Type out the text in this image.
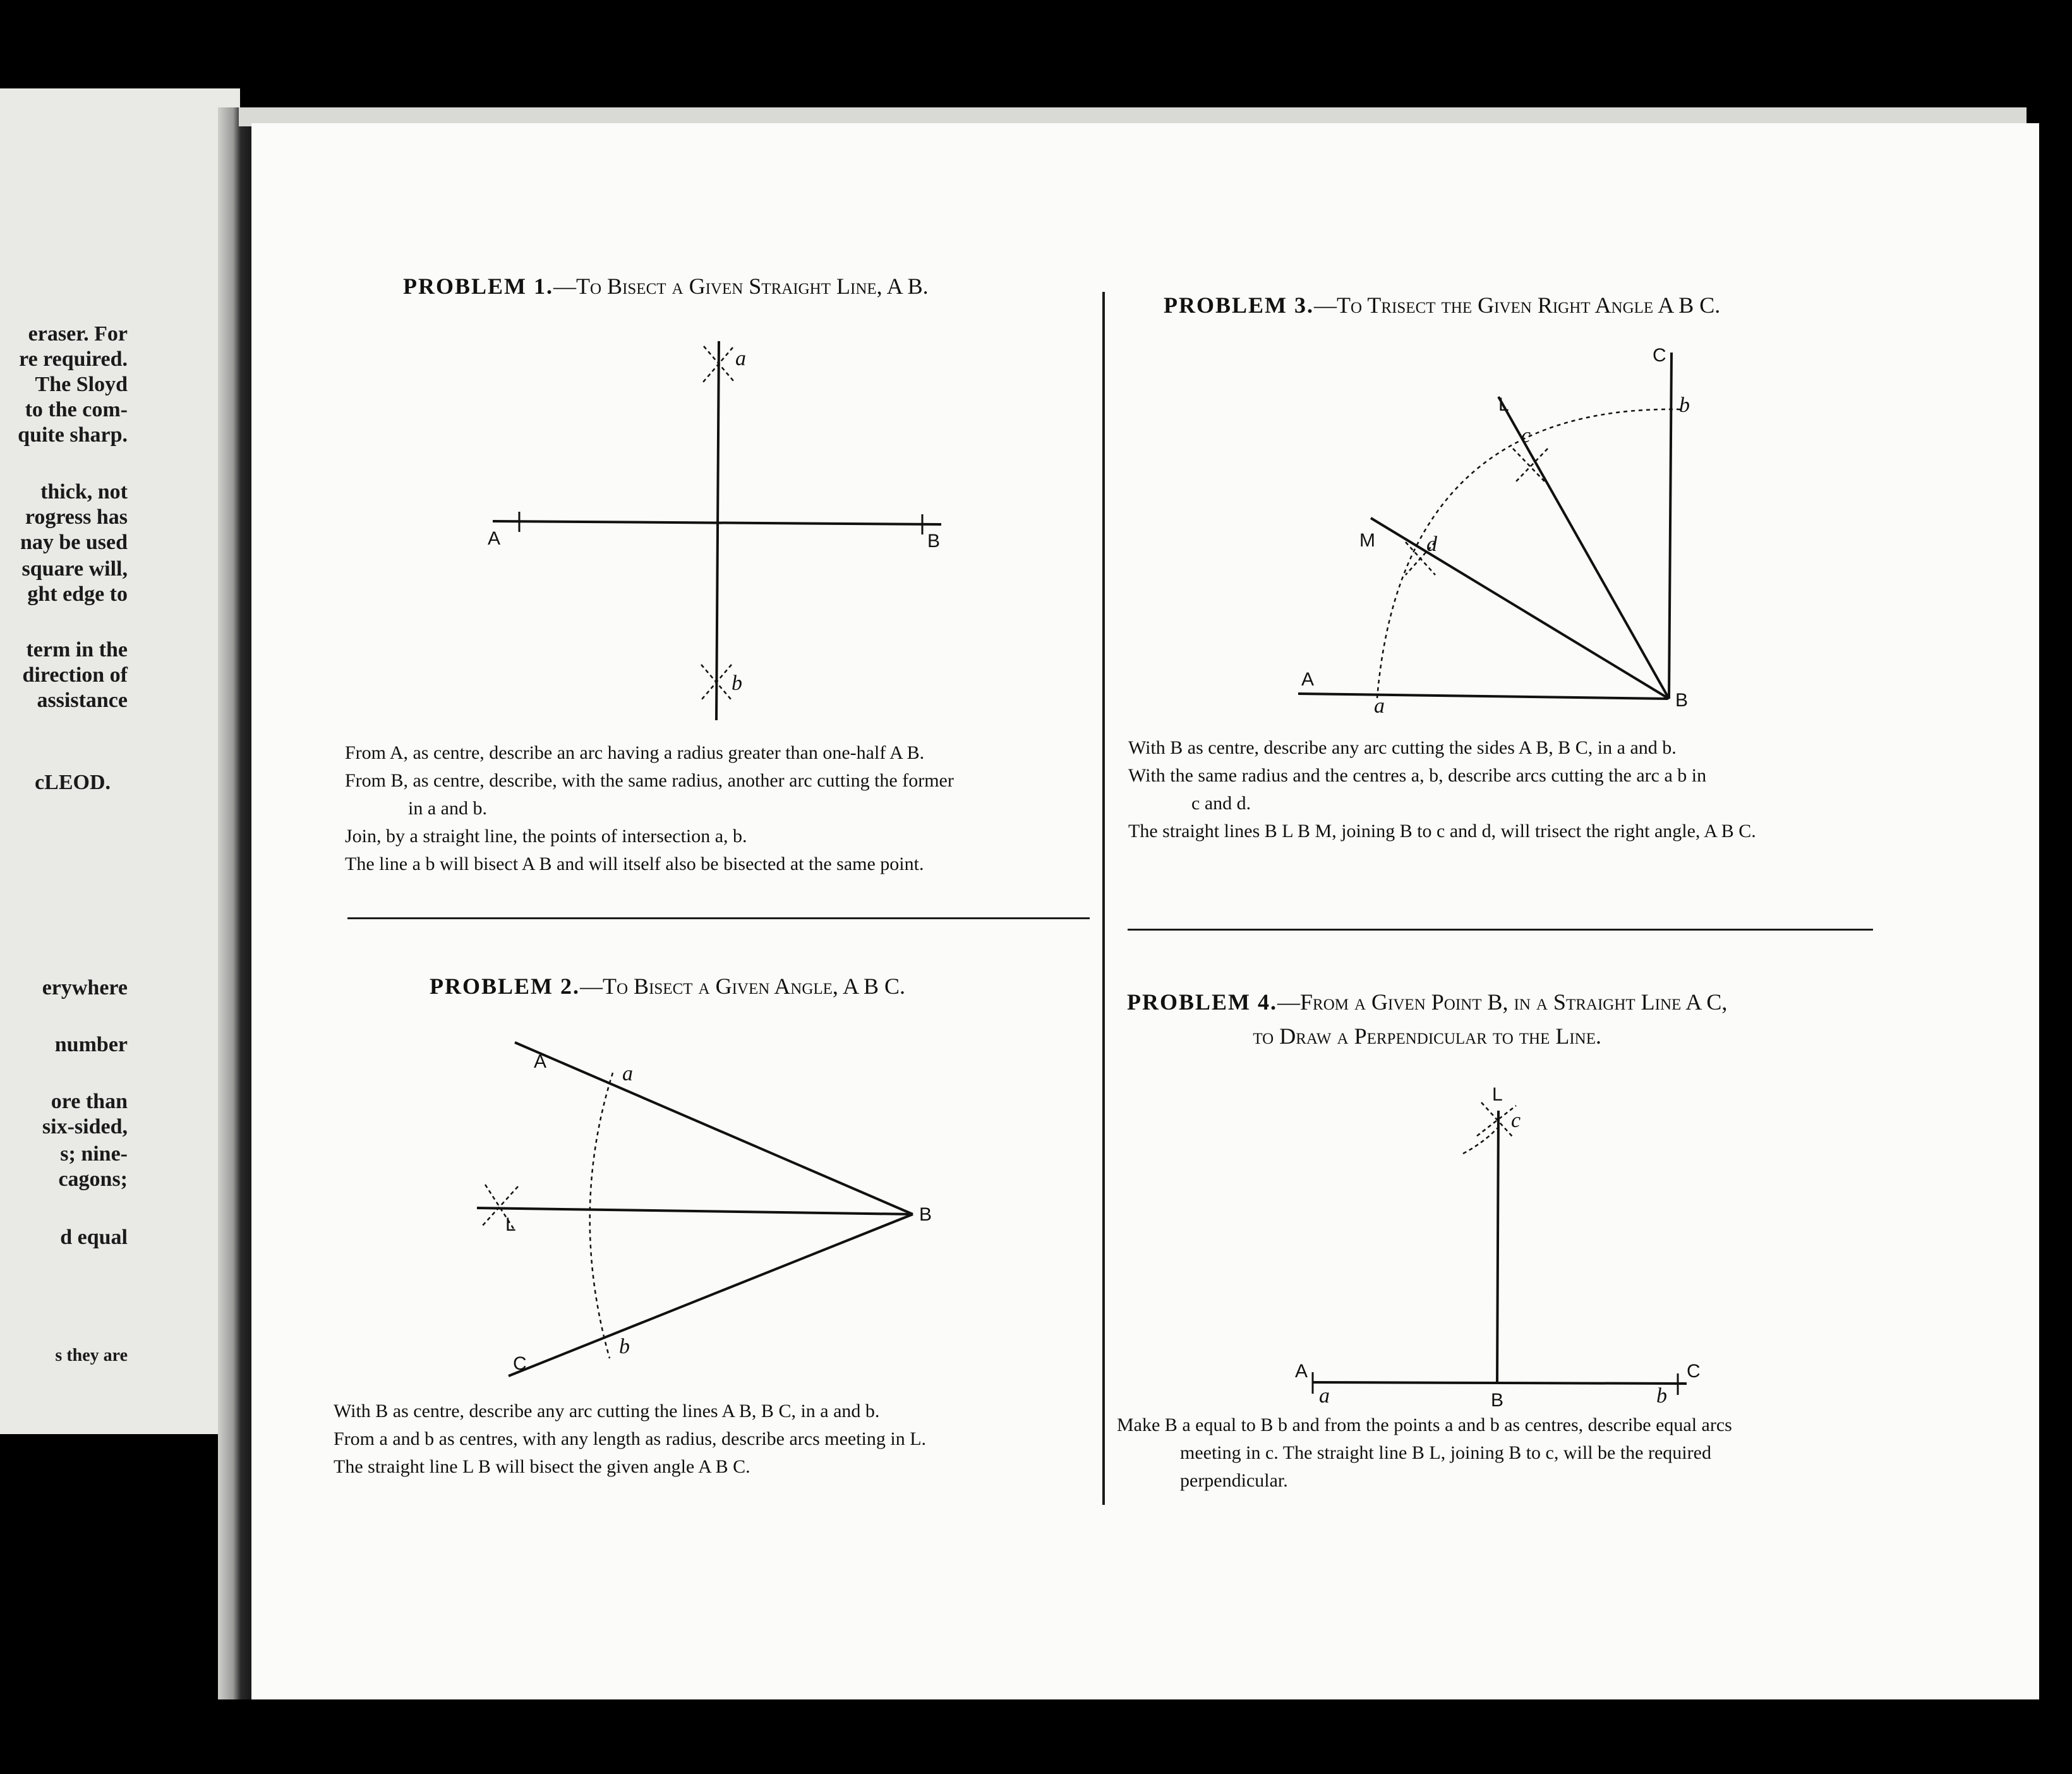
eraser. For
re required.
The Sloyd
to the com-
quite sharp.
thick, not
rogress has
nay be used
square will,
ght edge to
term in the
direction of
assistance
cLEOD.
erywhere
number
ore than
six-sided,
s; nine-
cagons;
d equal
s they are
PROBLEM 1.—To Bisect a Given Straight Line, A B.
A	B
a
b
From A, as centre, describe an arc having a radius greater than one-half A B.
From B, as centre, describe, with the same radius, another arc cutting the former
in a and b.
Join, by a straight line, the points of intersection a, b.
The line a b will bisect A B and will itself also be bisected at the same point.
PROBLEM 2.—To Bisect a Given Angle, A B C.
A
B
C
L
a
b
With B as centre, describe any arc cutting the lines A B, B C, in a and b.
From a and b as centres, with any length as radius, describe arcs meeting in L.
The straight line L B will bisect the given angle A B C.
PROBLEM 3.—To Trisect the Given Right Angle A B C.
A
B
C
L
M
a
b
c
d
With B as centre, describe any arc cutting the sides A B, B C, in a and b.
With the same radius and the centres a, b, describe arcs cutting the arc a b in
c and d.
The straight lines B L B M, joining B to c and d, will trisect the right angle, A B C.
PROBLEM 4.—From a Given Point B, in a Straight Line A C,
to Draw a Perpendicular to the Line.
A
B
C
L
a	b
c
Make B a equal to B b and from the points a and b as centres, describe equal arcs
meeting in c. The straight line B L, joining B to c, will be the required
perpendicular.
